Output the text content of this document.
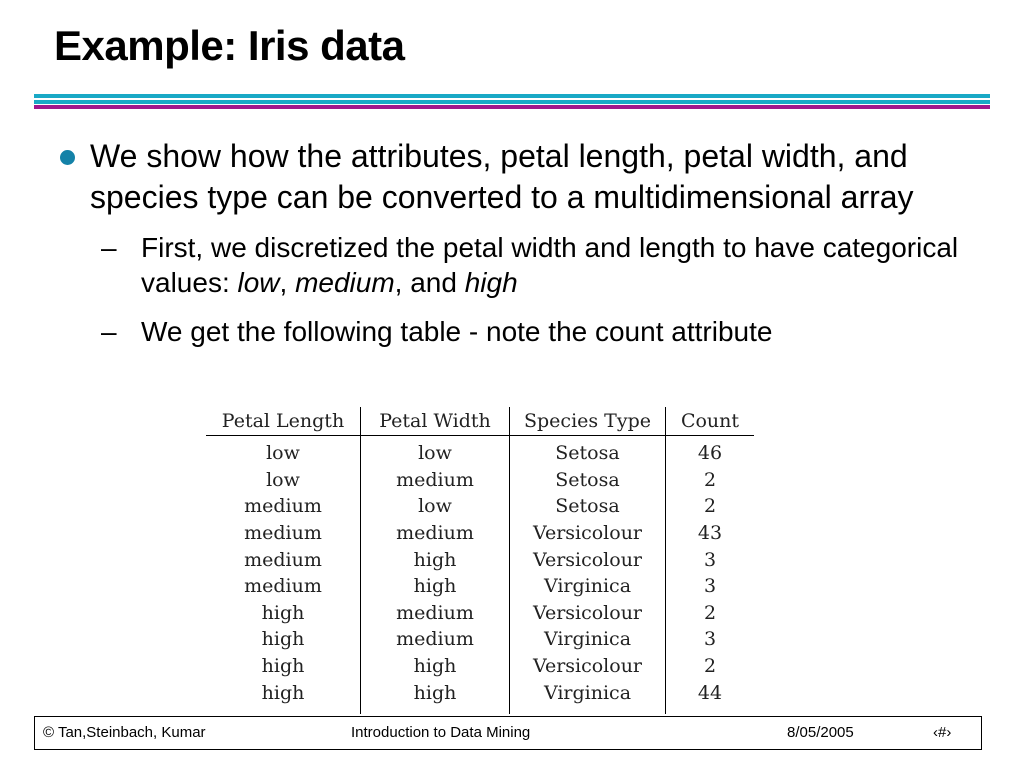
Example: Iris data
We show how the attributes, petal length, petal width, and species type can be converted to a multidimensional array
– First, we discretized the petal width and length to have categorical values: low, medium, and high
– We get the following table - note the count attribute
Petal Length	Petal Width	Species Type	Count
low	low	Setosa	46
low	medium	Setosa	2
medium	low	Setosa	2
medium	medium	Versicolour	43
medium	high	Versicolour	3
medium	high	Virginica	3
high	medium	Versicolour	2
high	medium	Virginica	3
high	high	Versicolour	2
high	high	Virginica	44
© Tan,Steinbach, Kumar	Introduction to Data Mining	8/05/2005	‹#›
